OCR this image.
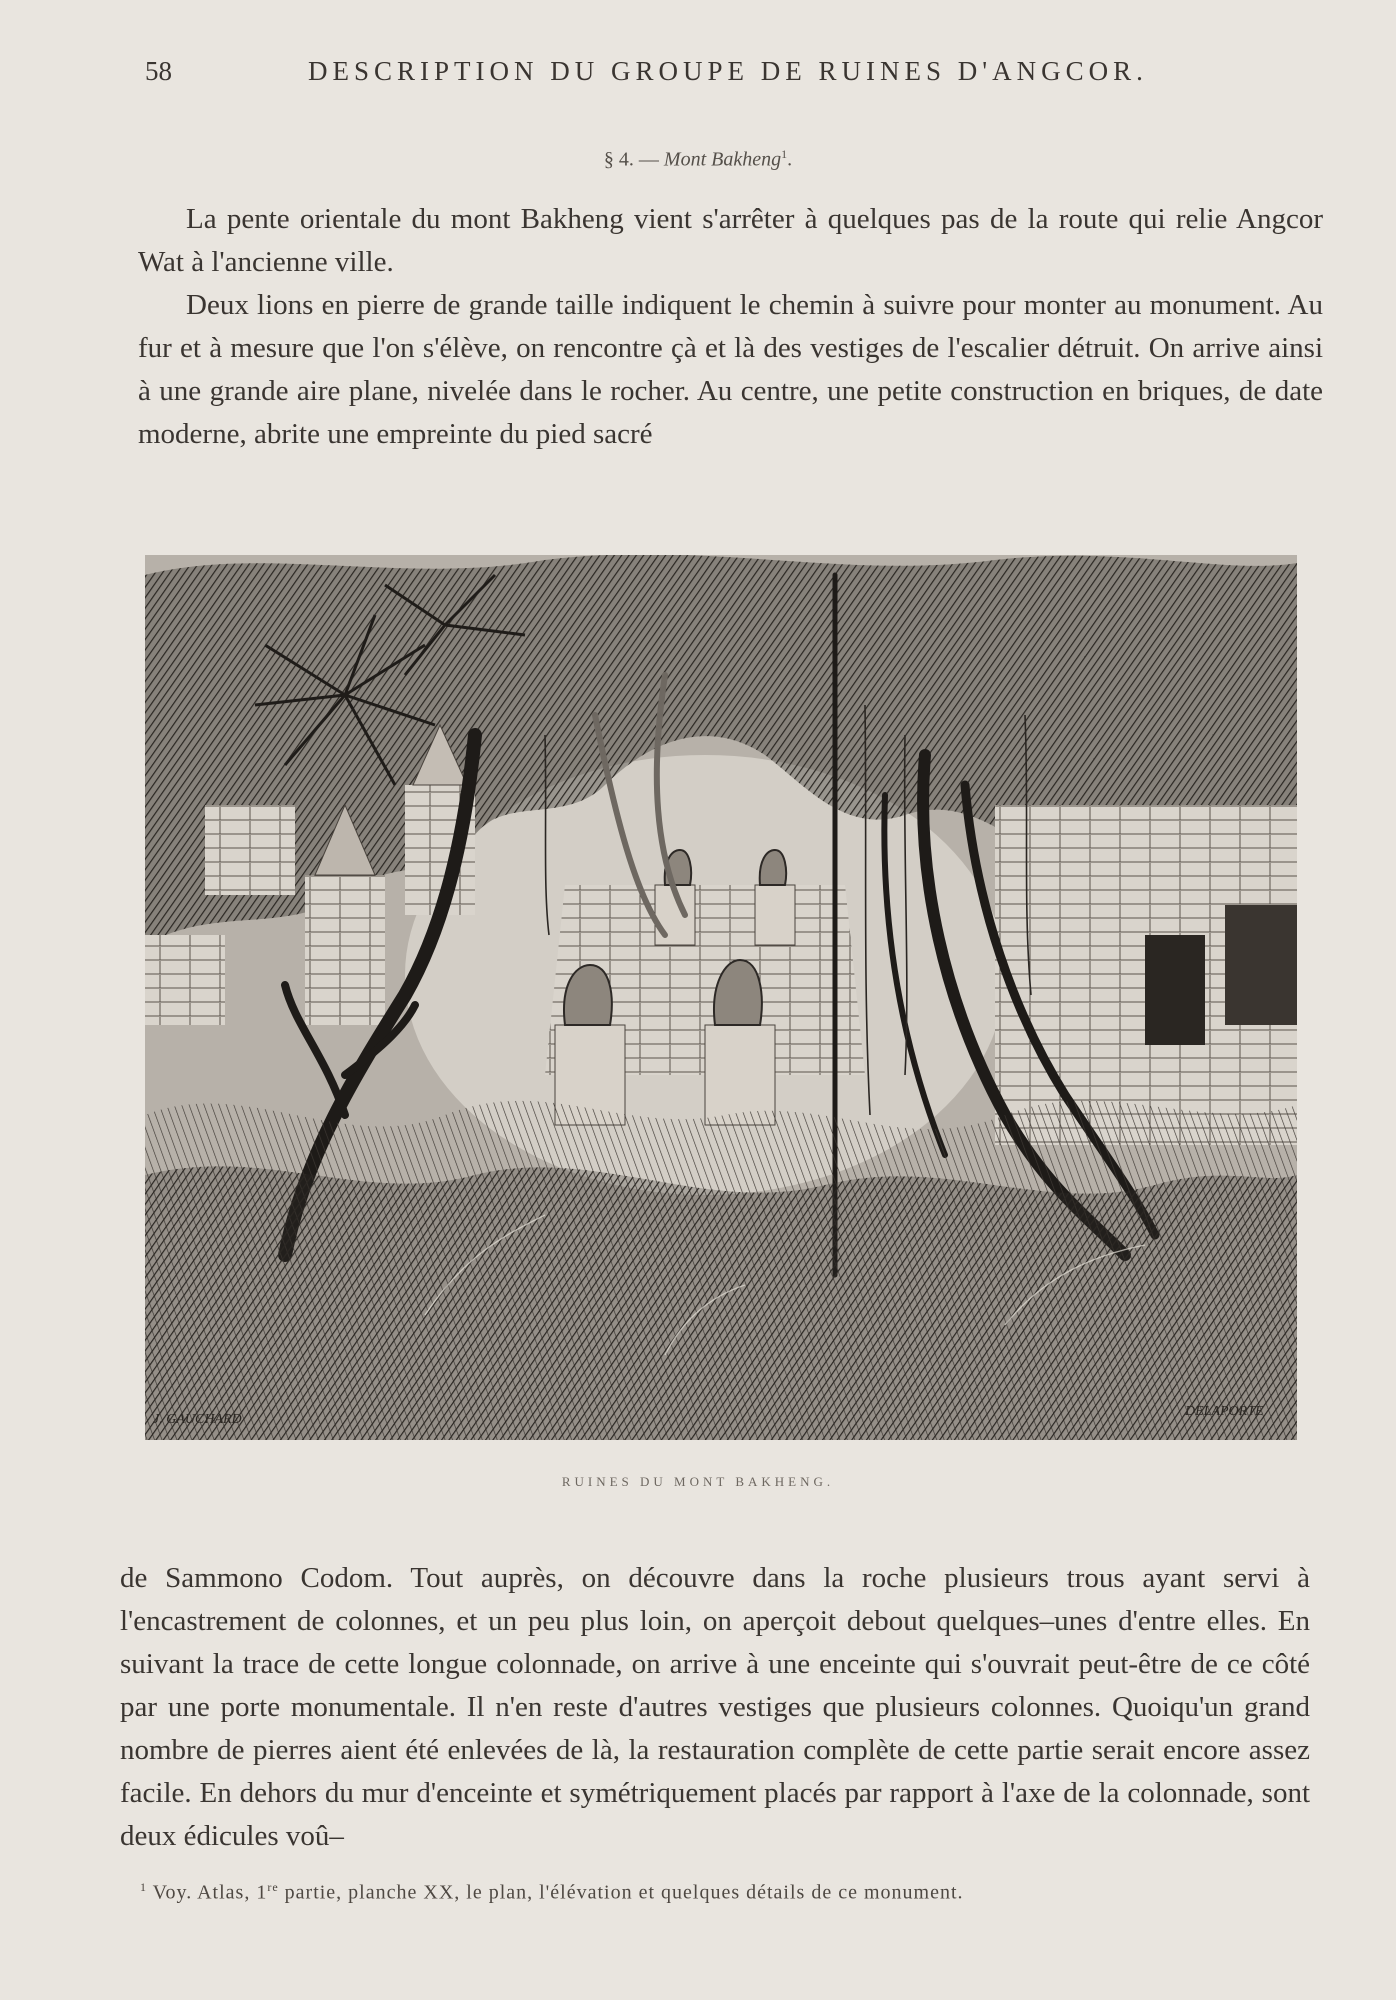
58	DESCRIPTION DU GROUPE DE RUINES D'ANGCOR.
§ 4. — Mont Bakheng$^1$.

La pente orientale du mont Bakheng vient s'arrêter à quelques pas de la route qui relie Angcor Wat à l'ancienne ville.

Deux lions en pierre de grande taille indiquent le chemin à suivre pour monter au monument. Au fur et à mesure que l'on s'élève, on rencontre çà et là des vestiges de l'escalier détruit. On arrive ainsi à une grande aire plane, nivelée dans le rocher. Au centre, une petite construction en briques, de date moderne, abrite une empreinte du pied sacré

J. GAUCHARD
DELAPORTE
RUINES DU MONT BAKHENG.

de Sammono Codom. Tout auprès, on découvre dans la roche plusieurs trous ayant servi à l'encastrement de colonnes, et un peu plus loin, on aperçoit debout quelques–unes d'entre elles. En suivant la trace de cette longue colonnade, on arrive à une enceinte qui s'ouvrait peut-être de ce côté par une porte monumentale. Il n'en reste d'autres vestiges que plusieurs colonnes. Quoiqu'un grand nombre de pierres aient été enlevées de là, la restauration complète de cette partie serait encore assez facile. En dehors du mur d'enceinte et symétriquement placés par rapport à l'axe de la colonnade, sont deux édicules voû–

$^1$ Voy. Atlas, 1re partie, planche XX, le plan, l'élévation et quelques détails de ce monument.
